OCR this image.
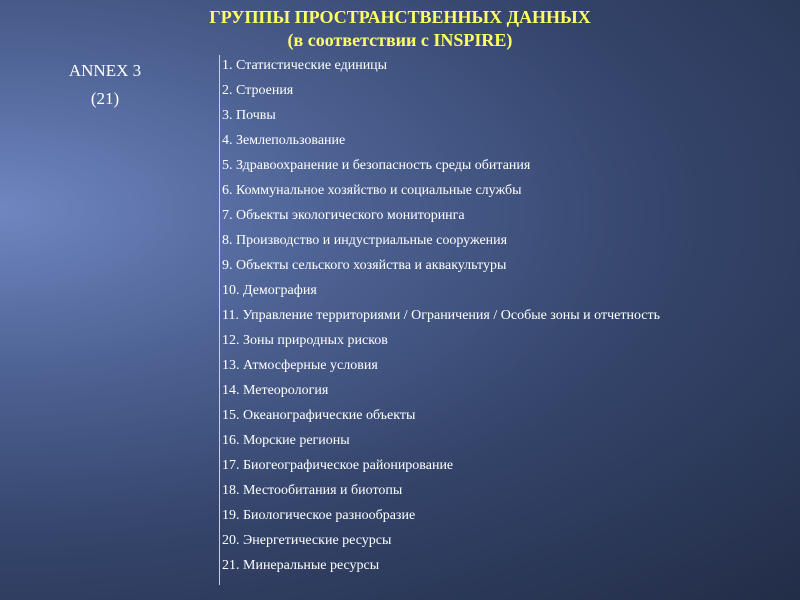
ГРУППЫ ПРОСТРАНСТВЕННЫХ ДАННЫХ
(в соответствии с INSPIRE)
ANNEX 3
(21)
1. Статистические единицы
2. Строения
3. Почвы
4. Землепользование
5. Здравоохранение и безопасность среды обитания
6. Коммунальное хозяйство и социальные службы
7. Объекты экологического мониторинга
8. Производство и индустриальные сооружения
9. Объекты сельского хозяйства и аквакультуры
10. Демография
11. Управление территориями / Ограничения / Особые зоны и отчетность
12. Зоны природных рисков
13. Атмосферные условия
14. Метеорология
15. Океанографические объекты
16. Морские регионы
17. Биогеографическое районирование
18. Местообитания и биотопы
19. Биологическое разнообразие
20. Энергетические ресурсы
21. Минеральные ресурсы
